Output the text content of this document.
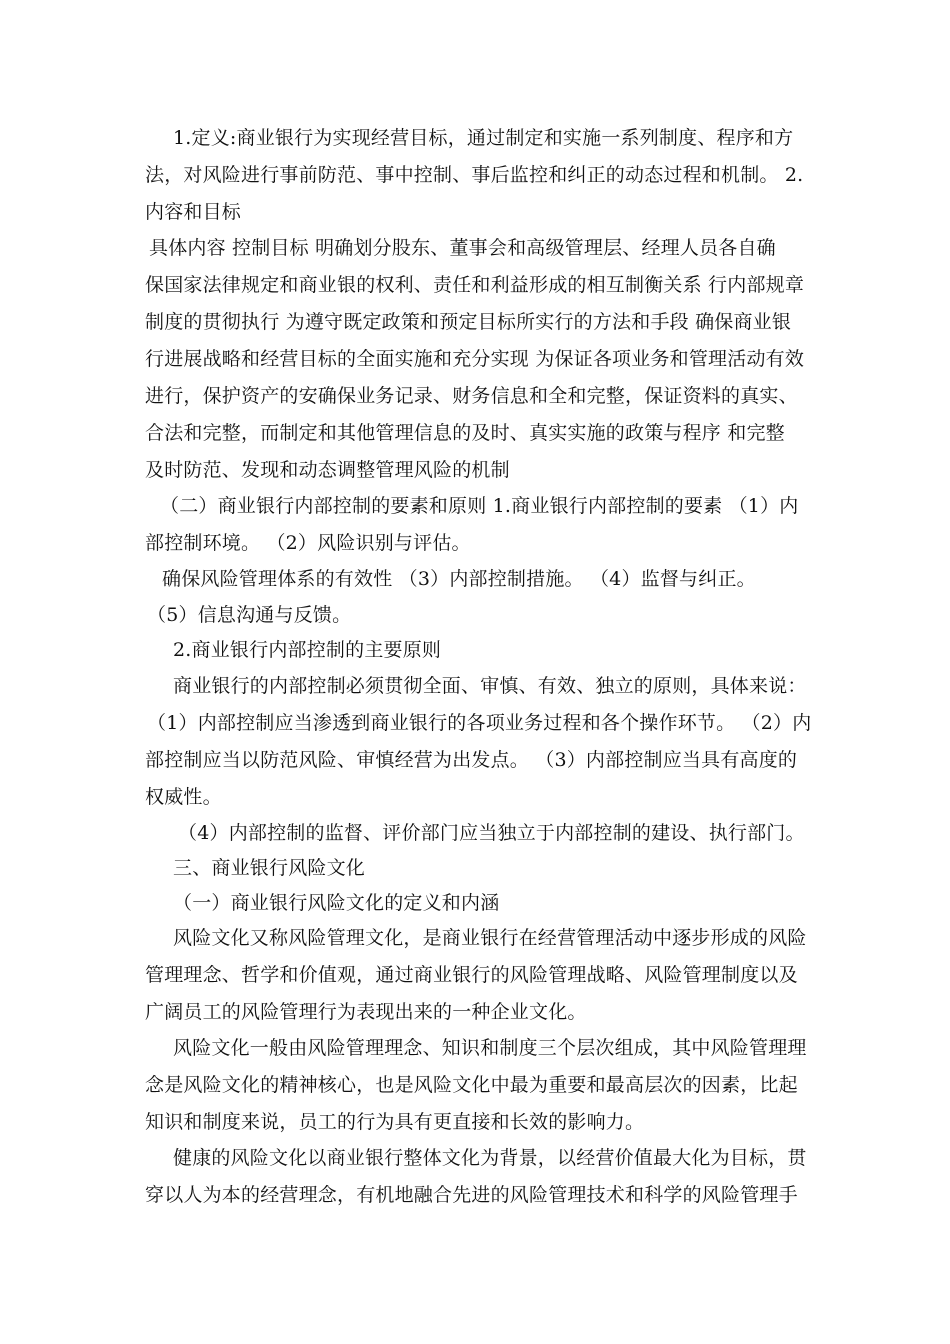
1.定义:商业银行为实现经营目标，通过制定和实施一系列制度、程序和方
法，对风险进行事前防范、事中控制、事后监控和纠正的动态过程和机制。 2.
内容和目标
具体内容 控制目标 明确划分股东、董事会和高级管理层、经理人员各自确
保国家法律规定和商业银的权利、责任和利益形成的相互制衡关系 行内部规章
制度的贯彻执行 为遵守既定政策和预定目标所实行的方法和手段 确保商业银
行进展战略和经营目标的全面实施和充分实现 为保证各项业务和管理活动有效
进行，保护资产的安确保业务记录、财务信息和全和完整，保证资料的真实、
合法和完整，而制定和其他管理信息的及时、真实实施的政策与程序 和完整
及时防范、发现和动态调整管理风险的机制
（二）商业银行内部控制的要素和原则 1.商业银行内部控制的要素 （1）内
部控制环境。 （2）风险识别与评估。
确保风险管理体系的有效性 （3）内部控制措施。 （4）监督与纠正。
（5）信息沟通与反馈。
2.商业银行内部控制的主要原则
商业银行的内部控制必须贯彻全面、审慎、有效、独立的原则，具体来说：
（1）内部控制应当渗透到商业银行的各项业务过程和各个操作环节。 （2）内
部控制应当以防范风险、审慎经营为出发点。 （3）内部控制应当具有高度的
权威性。
（4）内部控制的监督、评价部门应当独立于内部控制的建设、执行部门。
三、商业银行风险文化
（一）商业银行风险文化的定义和内涵
风险文化又称风险管理文化，是商业银行在经营管理活动中逐步形成的风险
管理理念、哲学和价值观，通过商业银行的风险管理战略、风险管理制度以及
广阔员工的风险管理行为表现出来的一种企业文化。
风险文化一般由风险管理理念、知识和制度三个层次组成，其中风险管理理
念是风险文化的精神核心，也是风险文化中最为重要和最高层次的因素，比起
知识和制度来说，员工的行为具有更直接和长效的影响力。
健康的风险文化以商业银行整体文化为背景，以经营价值最大化为目标，贯
穿以人为本的经营理念，有机地融合先进的风险管理技术和科学的风险管理手
